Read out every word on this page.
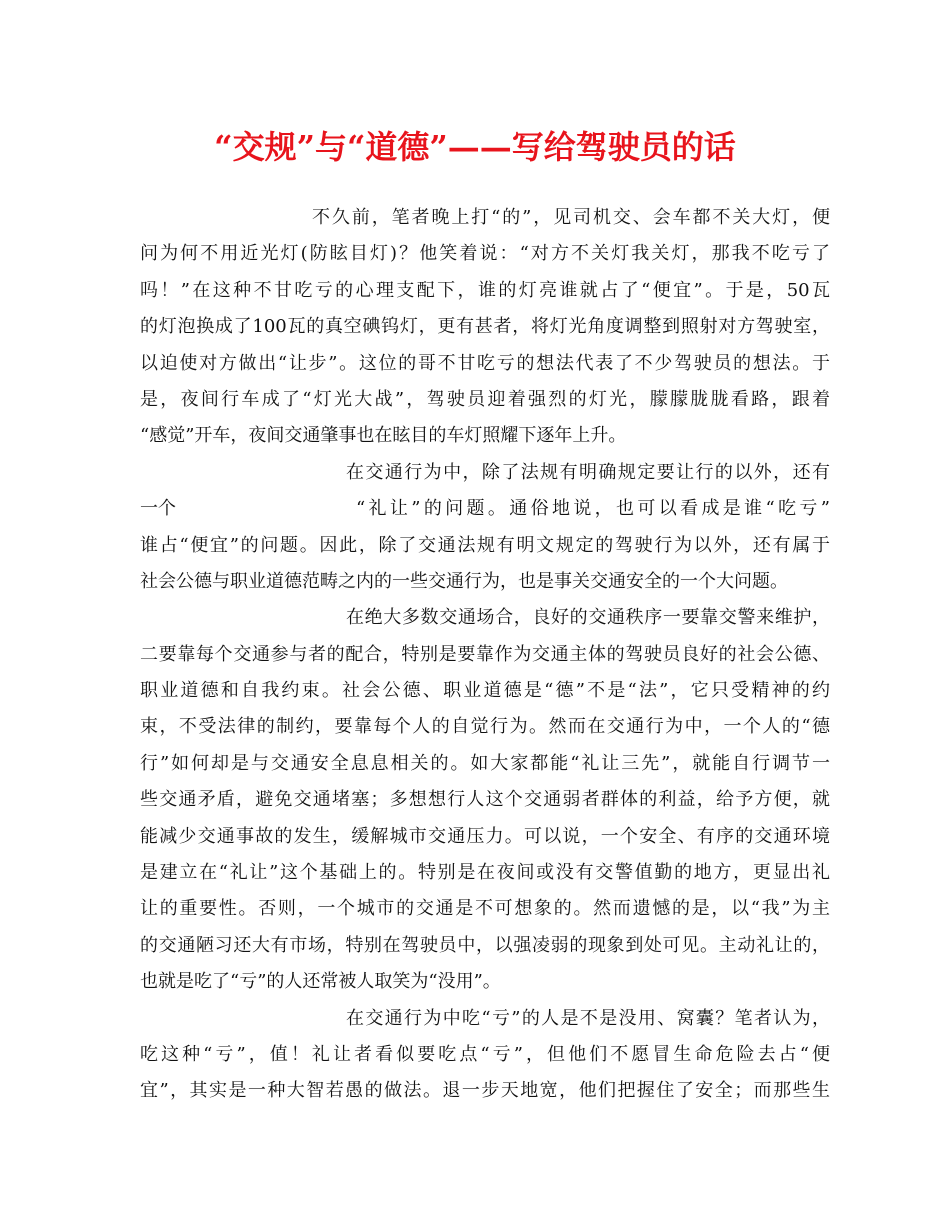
“交规”与“道德”——写给驾驶员的话
不久前，笔者晚上打“的”，见司机交、会车都不关大灯，便
问为何不用近光灯(防眩目灯)？他笑着说：“对方不关灯我关灯，那我不吃亏了
吗！”在这种不甘吃亏的心理支配下，谁的灯亮谁就占了“便宜”。于是，50瓦
的灯泡换成了100瓦的真空碘钨灯，更有甚者，将灯光角度调整到照射对方驾驶室，
以迫使对方做出“让步”。这位的哥不甘吃亏的想法代表了不少驾驶员的想法。于
是，夜间行车成了“灯光大战”，驾驶员迎着强烈的灯光，朦朦胧胧看路，跟着
“感觉”开车，夜间交通肇事也在眩目的车灯照耀下逐年上升。
在交通行为中，除了法规有明确规定要让行的以外，还有
一个	“礼让”的问题。通俗地说，也可以看成是谁“吃亏”
谁占“便宜”的问题。因此，除了交通法规有明文规定的驾驶行为以外，还有属于
社会公德与职业道德范畴之内的一些交通行为，也是事关交通安全的一个大问题。
在绝大多数交通场合，良好的交通秩序一要靠交警来维护，
二要靠每个交通参与者的配合，特别是要靠作为交通主体的驾驶员良好的社会公德、
职业道德和自我约束。社会公德、职业道德是“德”不是“法”，它只受精神的约
束，不受法律的制约，要靠每个人的自觉行为。然而在交通行为中，一个人的“德
行”如何却是与交通安全息息相关的。如大家都能“礼让三先”，就能自行调节一
些交通矛盾，避免交通堵塞；多想想行人这个交通弱者群体的利益，给予方便，就
能减少交通事故的发生，缓解城市交通压力。可以说，一个安全、有序的交通环境
是建立在“礼让”这个基础上的。特别是在夜间或没有交警值勤的地方，更显出礼
让的重要性。否则，一个城市的交通是不可想象的。然而遗憾的是，以“我”为主
的交通陋习还大有市场，特别在驾驶员中，以强凌弱的现象到处可见。主动礼让的，
也就是吃了“亏”的人还常被人取笑为“没用”。
在交通行为中吃“亏”的人是不是没用、窝囊？笔者认为，
吃这种“亏”，值！礼让者看似要吃点“亏”，但他们不愿冒生命危险去占“便
宜”，其实是一种大智若愚的做法。退一步天地宽，他们把握住了安全；而那些生
